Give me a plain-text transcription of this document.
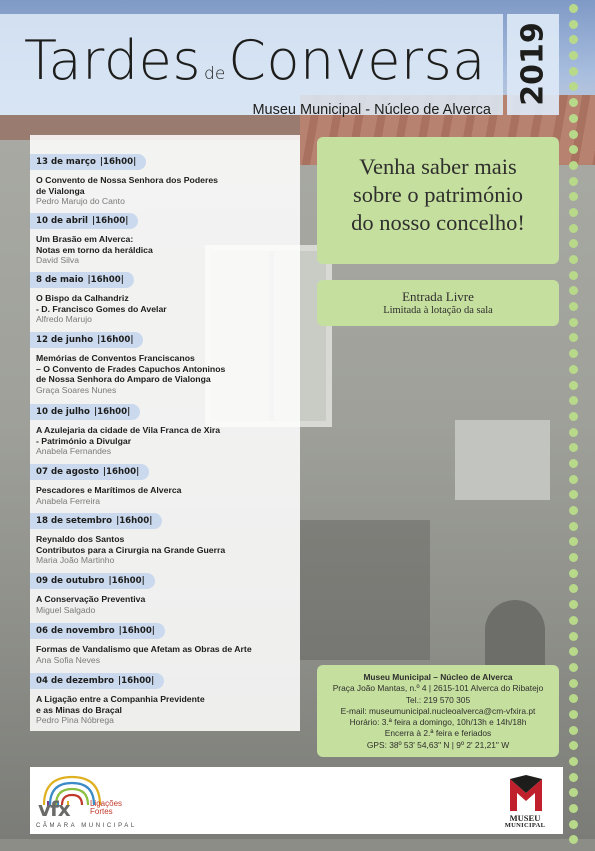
Tardes deConversa
Museu Municipal - Núcleo de Alverca
2019
13 de março |16h00|
O Convento de Nossa Senhora dos Poderes
de Vialonga
Pedro Marujo do Canto
10 de abril |16h00|
Um Brasão em Alverca:
Notas em torno da heráldica
David Silva
8 de maio |16h00|
O Bispo da Calhandriz
- D. Francisco Gomes do Avelar
Alfredo Marujo
12 de junho |16h00|
Memórias de Conventos Franciscanos
– O Convento de Frades Capuchos Antoninos
de Nossa Senhora do Amparo de Vialonga
Graça Soares Nunes
10 de julho |16h00|
A Azulejaria da cidade de Vila Franca de Xira
- Património a Divulgar
Anabela Fernandes
07 de agosto |16h00|
Pescadores e Marítimos de Alverca
Anabela Ferreira
18 de setembro |16h00|
Reynaldo dos Santos
Contributos para a Cirurgia na Grande Guerra
Maria João Martinho
09 de outubro |16h00|
A Conservação Preventiva
Miguel Salgado
06 de novembro |16h00|
Formas de Vandalismo que Afetam as Obras de Arte
Ana Sofia Neves
04 de dezembro |16h00|
A Ligação entre a Companhia Previdente
e as Minas do Braçal
Pedro Pina Nóbrega
Venha saber mais
sobre o património
do nosso concelho!
Entrada Livre
Limitada à lotação da sala
Museu Municipal – Núcleo de Alverca
Praça João Mantas, n.º 4 | 2615-101 Alverca do Ribatejo
Tel.: 219 570 305
E-mail: museumunicipal.nucleoalverca@cm-vfxira.pt
Horário: 3.ª feira a domingo, 10h/13h e 14h/18h
Encerra à 2.ª feira e feriados
GPS: 38º 53' 54,63" N | 9º 2' 21,21" W
vfx	Ligações
Fortes
CÂMARA MUNICIPAL
MUSEU
MUNICIPAL
